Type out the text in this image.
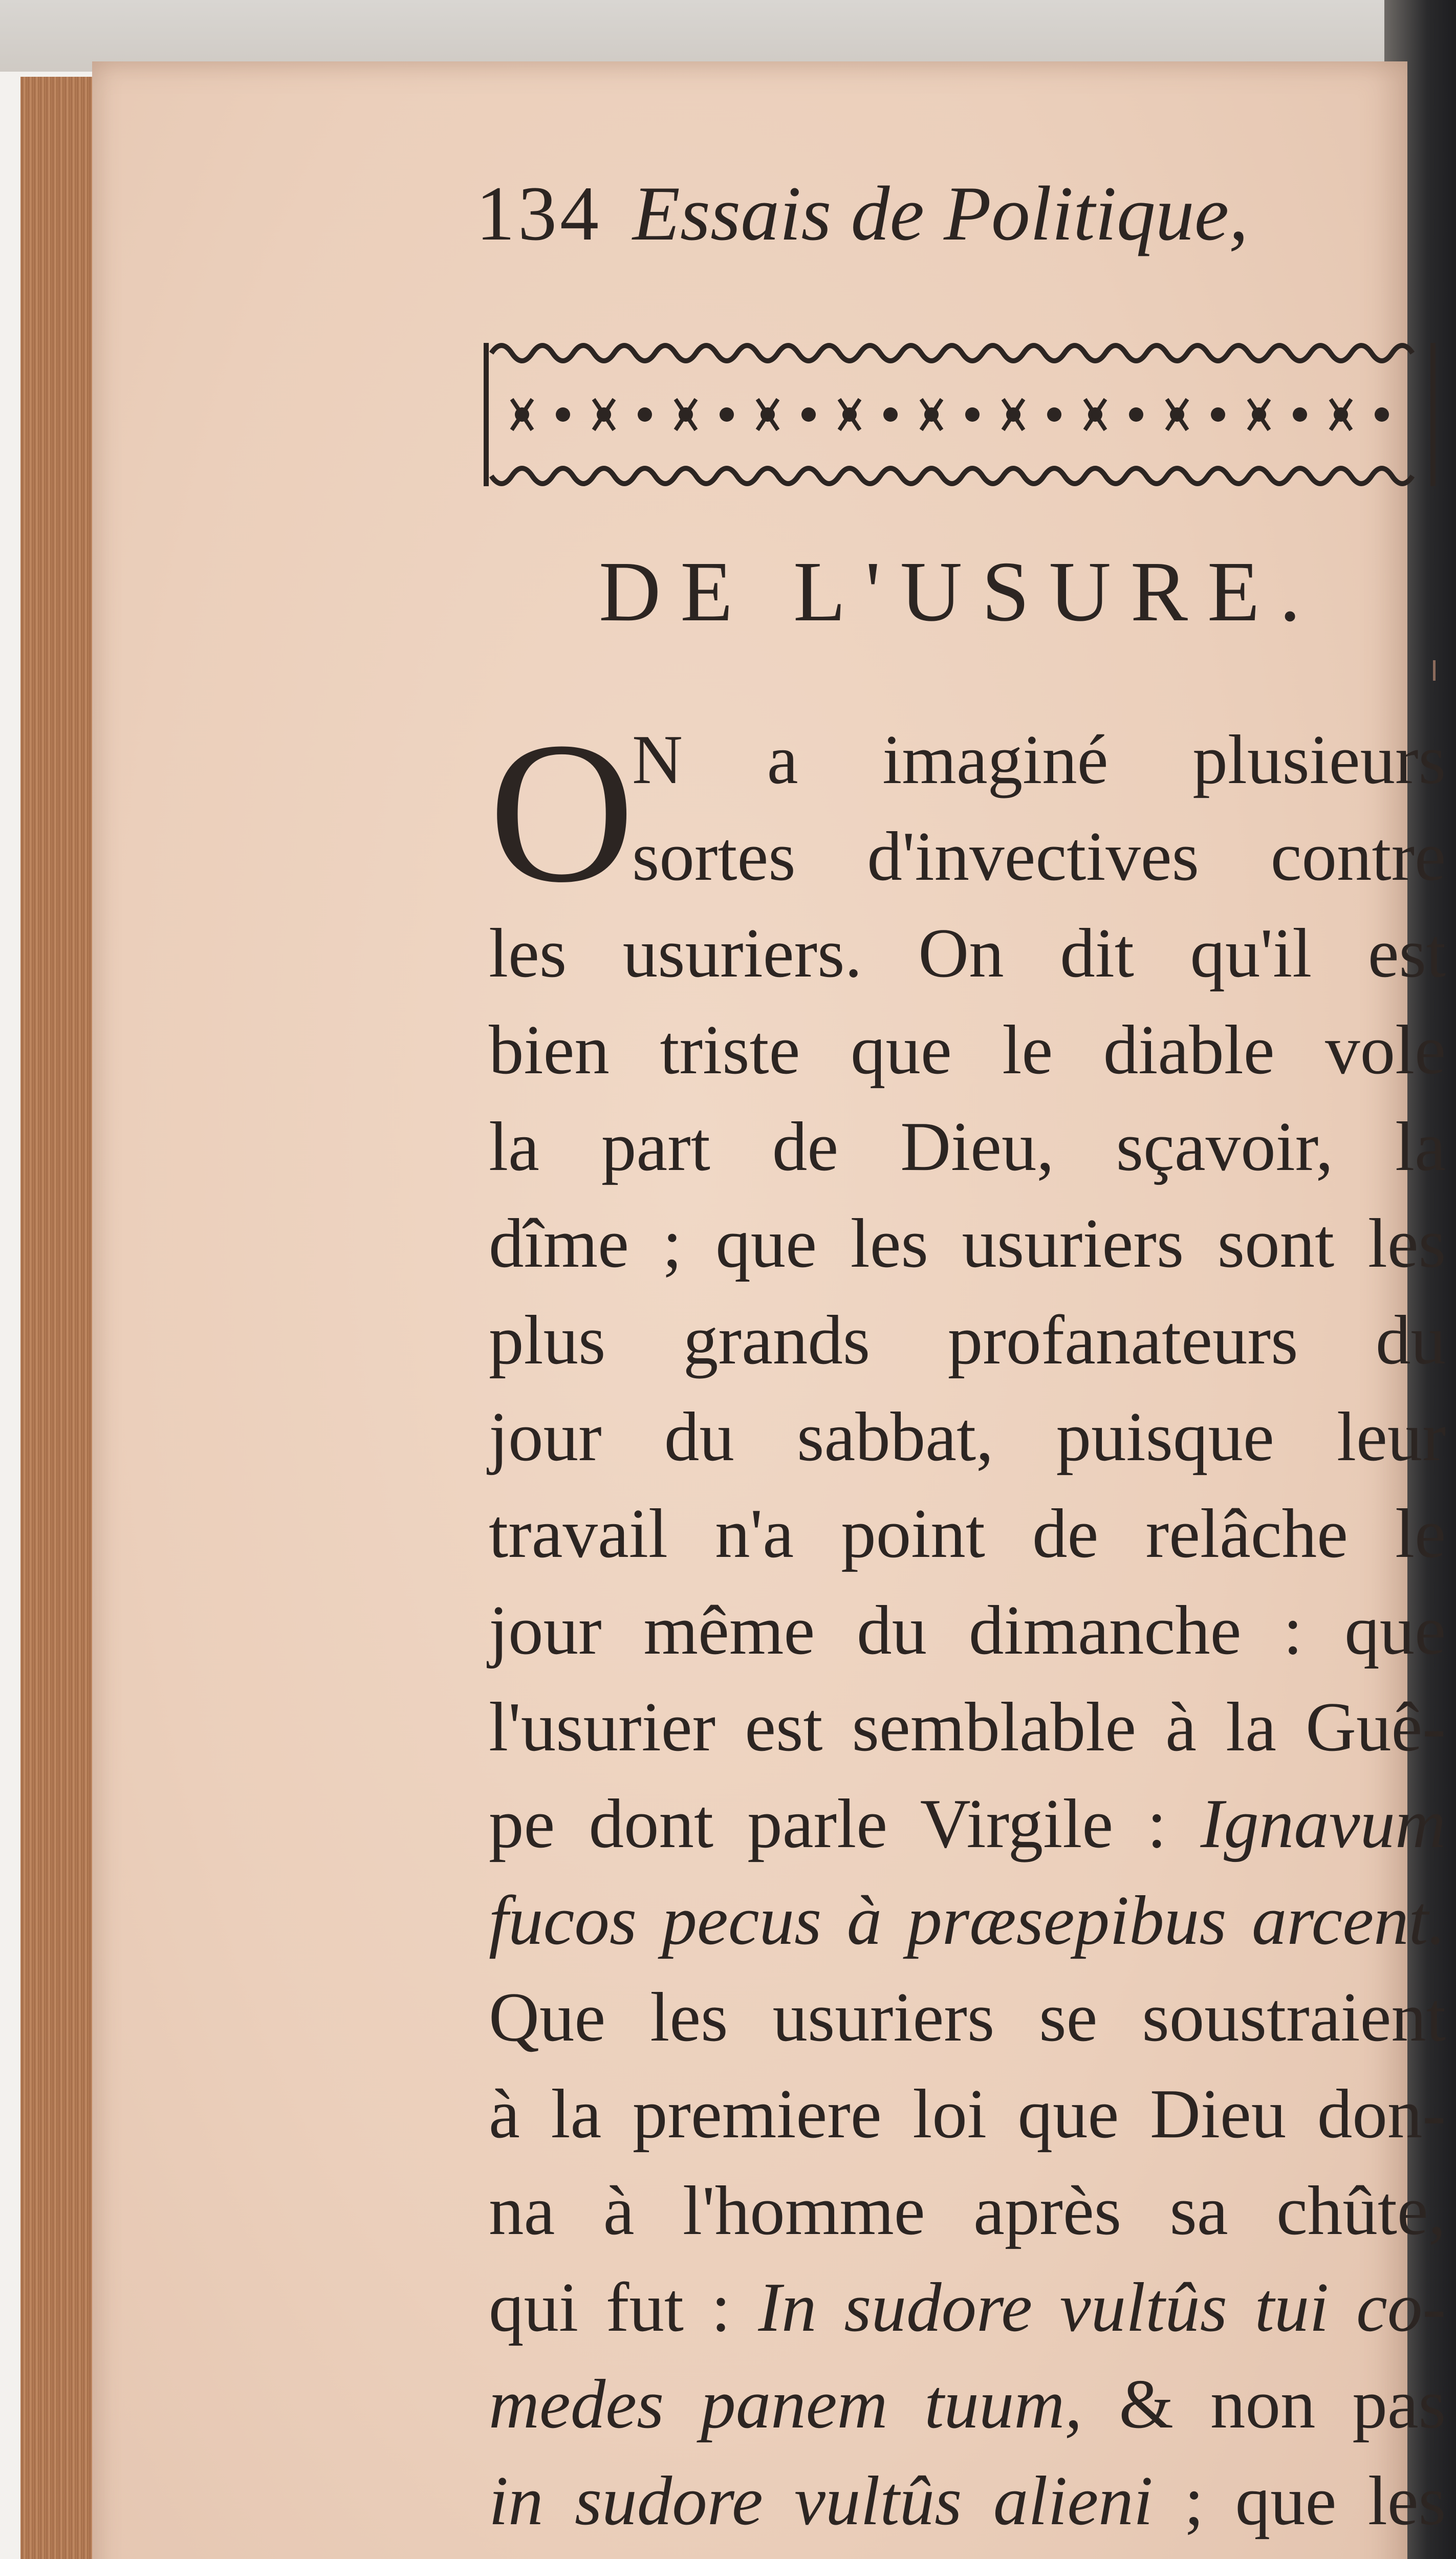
134 Essais de Politique,
DE L'USURE.
O
N a imaginé plusieurs
sortes d'invectives contre
les usuriers. On dit qu'il est
bien triste que le diable vole
la part de Dieu, sçavoir, la
dîme ; que les usuriers sont les
plus grands profanateurs du
jour du sabbat, puisque leur
travail n'a point de relâche le
jour même du dimanche : que
l'usurier est semblable à la Guê-
pe dont parle Virgile : Ignavum
fucos pecus à præsepibus arcent.
Que les usuriers se soustraient
à la premiere loi que Dieu don-
na à l'homme après sa chûte,
qui fut : In sudore vultûs tui co-
medes panem tuum, & non pas
in sudore vultûs alieni ; que les
